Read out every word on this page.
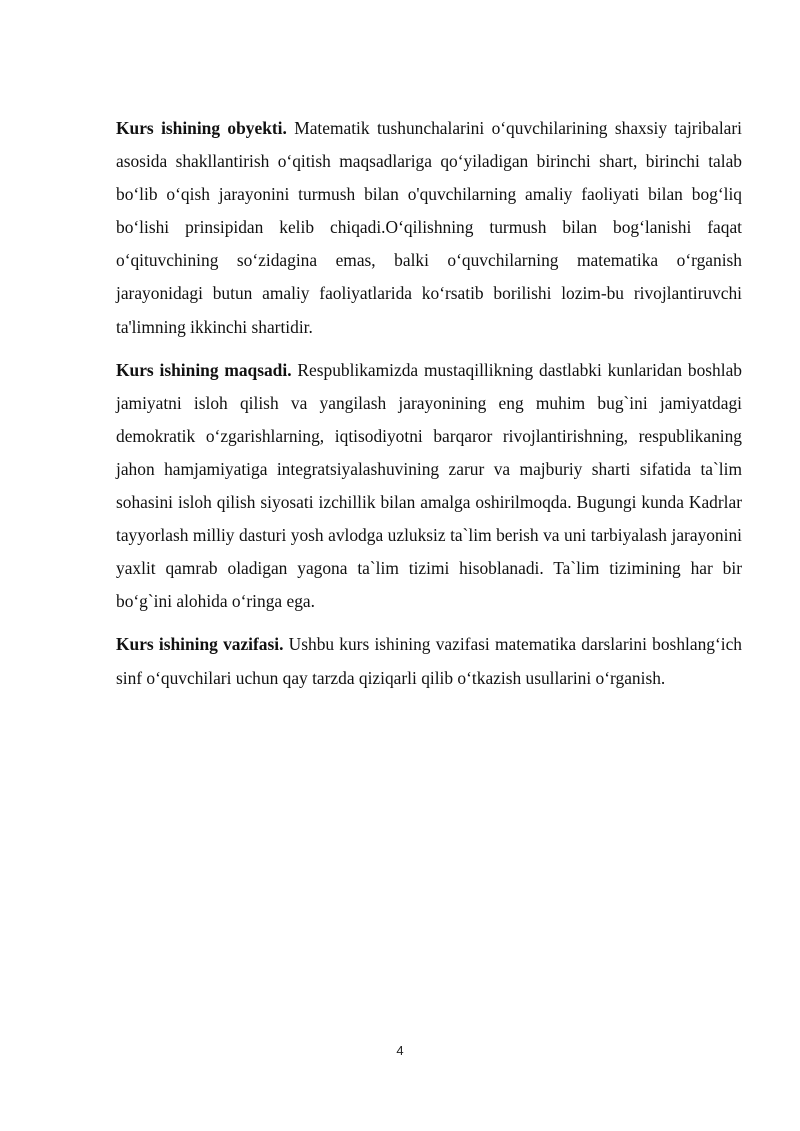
Kurs ishining obyekti. Matematik tushunchalarini o‘quvchilarining shaxsiy tajribalari asosida shakllantirish o‘qitish maqsadlariga qo‘yiladigan birinchi shart, birinchi talab bo‘lib o‘qish jarayonini turmush bilan o'quvchilarning amaliy faoliyati bilan bog‘liq bo‘lishi prinsipidan kelib chiqadi.O‘qilishning turmush bilan bog‘lanishi faqat o‘qituvchining so‘zidagina emas, balki o‘quvchilarning matematika o‘rganish jarayonidagi butun amaliy faoliyatlarida ko‘rsatib borilishi lozim-bu rivojlantiruvchi ta'limning ikkinchi shartidir.

Kurs ishining maqsadi. Respublikamizda mustaqillikning dastlabki kunlaridan boshlab jamiyatni isloh qilish va yangilash jarayonining eng muhim bug`ini jamiyatdagi demokratik o‘zgarishlarning, iqtisodiyotni barqaror rivojlantirishning, respublikaning jahon hamjamiyatiga integratsiyalashuvining zarur va majburiy sharti sifatida ta`lim sohasini isloh qilish siyosati izchillik bilan amalga oshirilmoqda. Bugungi kunda Kadrlar tayyorlash milliy dasturi yosh avlodga uzluksiz ta`lim berish va uni tarbiyalash jarayonini yaxlit qamrab oladigan yagona ta`lim tizimi hisoblanadi. Ta`lim tizimining har bir bo‘g`ini alohida o‘ringa ega.

Kurs ishining vazifasi. Ushbu kurs ishining vazifasi matematika darslarini boshlang‘ich sinf o‘quvchilari uchun qay tarzda qiziqarli qilib o‘tkazish usullarini o‘rganish.

4
